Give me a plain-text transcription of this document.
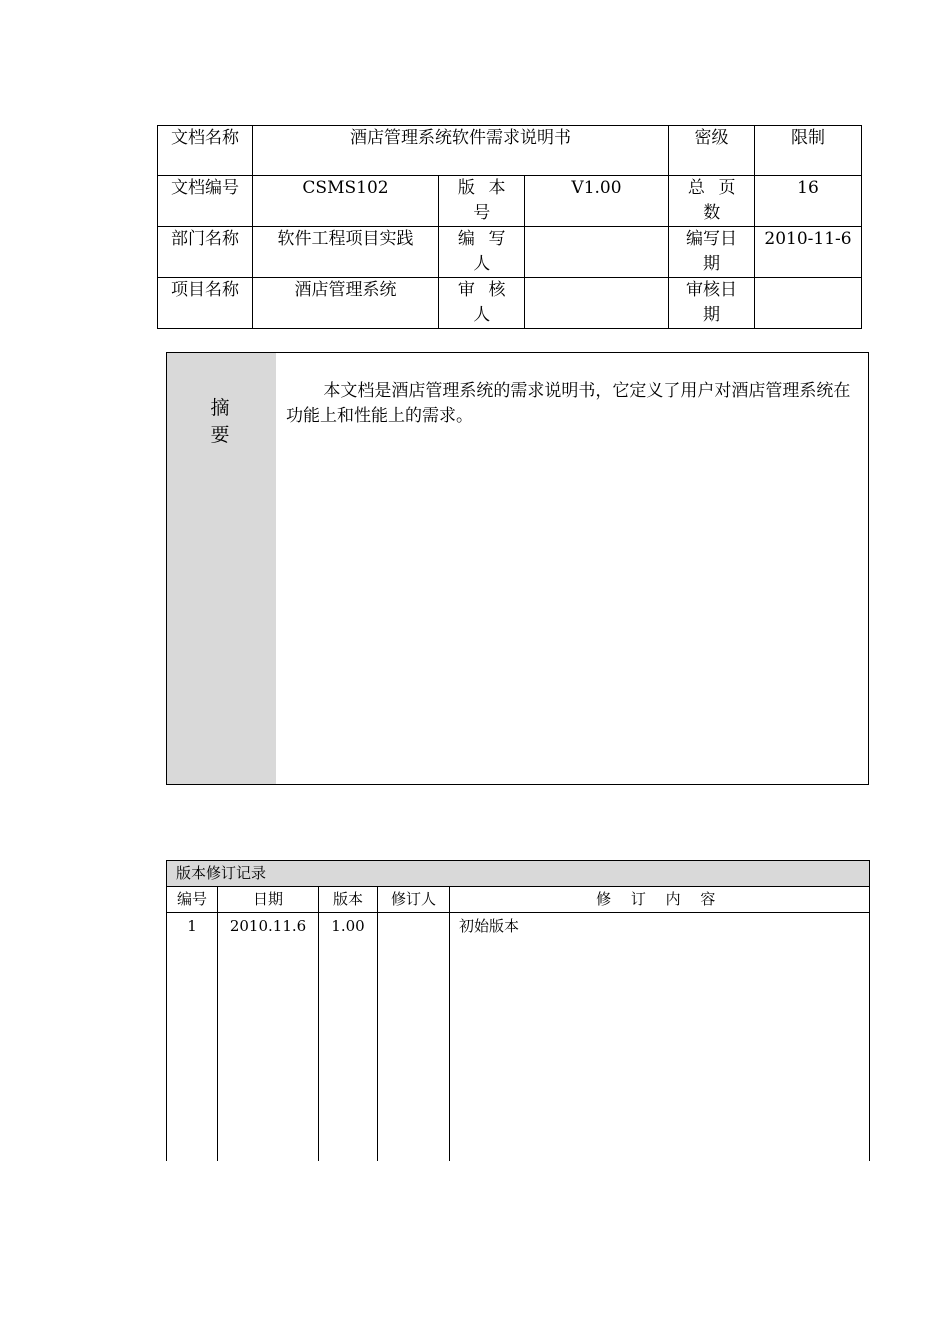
文档名称	酒店管理系统软件需求说明书			密级	限制
文档编号	CSMS102	版本号	V1.00	总页数	16
部门名称	软件工程项目实践	编写人		编写日期	2010-11-6
项目名称	酒店管理系统	审核人		审核日期	
摘 要
本文档是酒店管理系统的需求说明书，它定义了用户对酒店管理系统在功能上和性能上的需求。
版本修订记录				
编号	日期	版本	修订人	修 订 内 容
1	2010.11.6	1.00		初始版本
